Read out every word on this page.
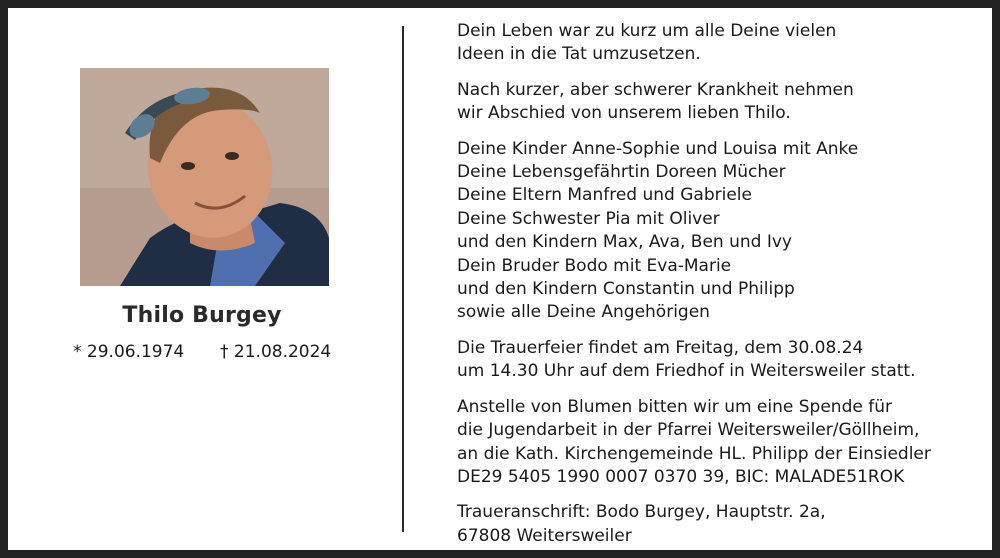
Thilo Burgey
* 29.06.1974 † 21.08.2024
Dein Leben war zu kurz um alle Deine vielen
Ideen in die Tat umzusetzen.
Nach kurzer, aber schwerer Krankheit nehmen
wir Abschied von unserem lieben Thilo.
Deine Kinder Anne-Sophie und Louisa mit Anke
Deine Lebensgefährtin Doreen Mücher
Deine Eltern Manfred und Gabriele
Deine Schwester Pia mit Oliver
und den Kindern Max, Ava, Ben und Ivy
Dein Bruder Bodo mit Eva-Marie
und den Kindern Constantin und Philipp
sowie alle Deine Angehörigen
Die Trauerfeier findet am Freitag, dem 30.08.24
um 14.30 Uhr auf dem Friedhof in Weitersweiler statt.
Anstelle von Blumen bitten wir um eine Spende für
die Jugendarbeit in der Pfarrei Weitersweiler/Göllheim,
an die Kath. Kirchengemeinde HL. Philipp der Einsiedler
DE29 5405 1990 0007 0370 39, BIC: MALADE51ROK
Traueranschrift: Bodo Burgey, Hauptstr. 2a,
67808 Weitersweiler
